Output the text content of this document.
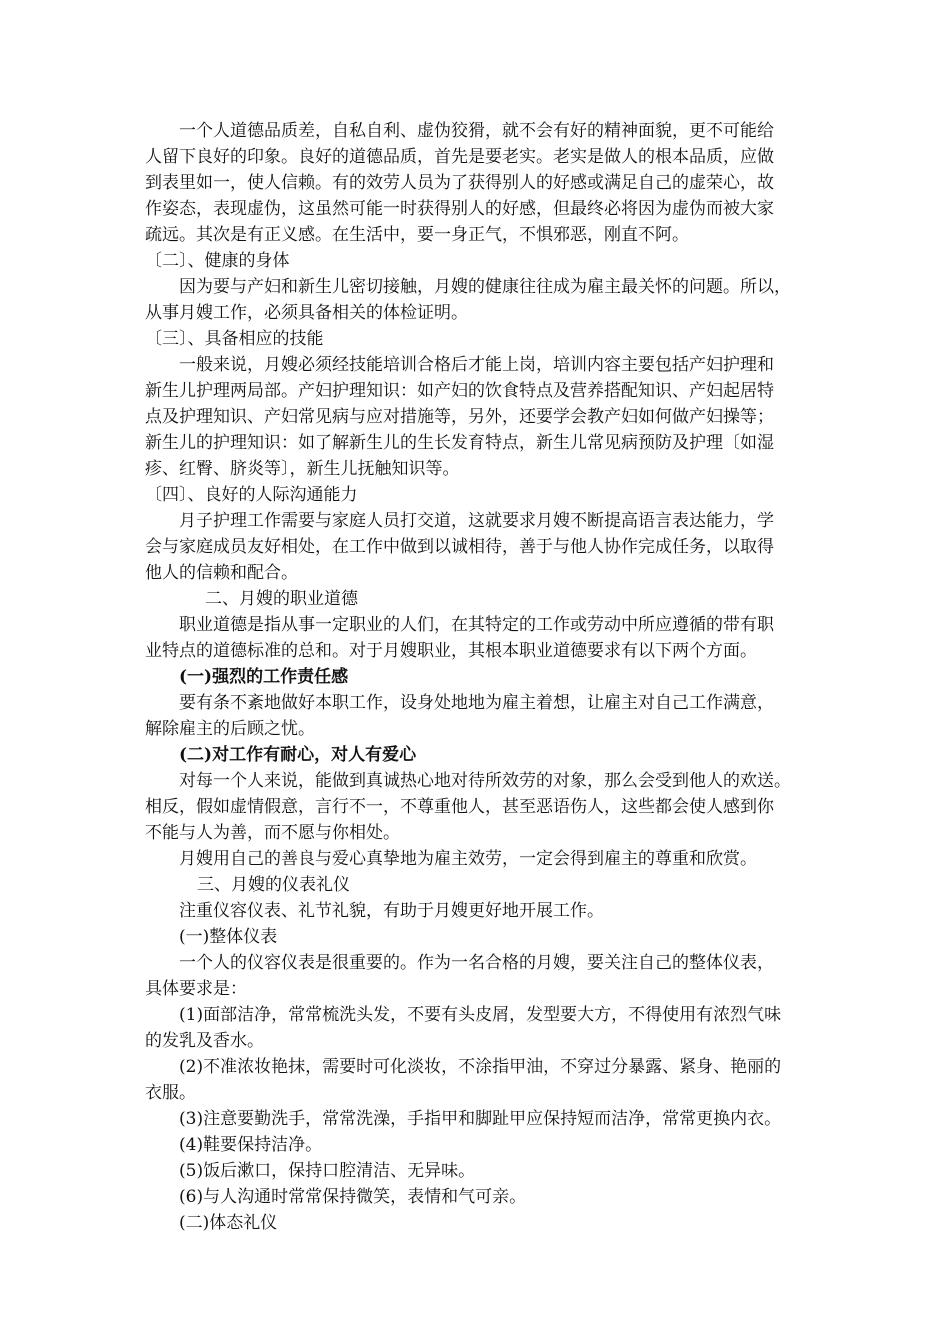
一个人道德品质差，自私自利、虚伪狡猾，就不会有好的精神面貌，更不可能给
人留下良好的印象。良好的道德品质，首先是要老实。老实是做人的根本品质，应做
到表里如一，使人信赖。有的效劳人员为了获得别人的好感或满足自己的虚荣心，故
作姿态，表现虚伪，这虽然可能一时获得别人的好感，但最终必将因为虚伪而被大家
疏远。其次是有正义感。在生活中，要一身正气，不惧邪恶，刚直不阿。
〔二〕、健康的身体
因为要与产妇和新生儿密切接触，月嫂的健康往往成为雇主最关怀的问题。所以，
从事月嫂工作，必须具备相关的体检证明。
〔三〕、具备相应的技能
一般来说，月嫂必须经技能培训合格后才能上岗，培训内容主要包括产妇护理和
新生儿护理两局部。产妇护理知识：如产妇的饮食特点及营养搭配知识、产妇起居特
点及护理知识、产妇常见病与应对措施等，另外，还要学会教产妇如何做产妇操等；
新生儿的护理知识：如了解新生儿的生长发育特点，新生儿常见病预防及护理〔如湿
疹、红臀、脐炎等〕，新生儿抚触知识等。
〔四〕、良好的人际沟通能力
月子护理工作需要与家庭人员打交道，这就要求月嫂不断提高语言表达能力，学
会与家庭成员友好相处，在工作中做到以诚相待，善于与他人协作完成任务，以取得
他人的信赖和配合。
二、月嫂的职业道德
职业道德是指从事一定职业的人们，在其特定的工作或劳动中所应遵循的带有职
业特点的道德标准的总和。对于月嫂职业，其根本职业道德要求有以下两个方面。
(一)强烈的工作责任感
要有条不紊地做好本职工作，设身处地地为雇主着想，让雇主对自己工作满意，
解除雇主的后顾之忧。
(二)对工作有耐心，对人有爱心
对每一个人来说，能做到真诚热心地对待所效劳的对象，那么会受到他人的欢送。
相反，假如虚情假意，言行不一，不尊重他人，甚至恶语伤人，这些都会使人感到你
不能与人为善，而不愿与你相处。
月嫂用自己的善良与爱心真挚地为雇主效劳，一定会得到雇主的尊重和欣赏。
三、月嫂的仪表礼仪
注重仪容仪表、礼节礼貌，有助于月嫂更好地开展工作。
(一)整体仪表
一个人的仪容仪表是很重要的。作为一名合格的月嫂，要关注自己的整体仪表，
具体要求是：
(1)面部洁净，常常梳洗头发，不要有头皮屑，发型要大方，不得使用有浓烈气味
的发乳及香水。
(2)不准浓妆艳抹，需要时可化淡妆，不涂指甲油，不穿过分暴露、紧身、艳丽的
衣服。
(3)注意要勤洗手，常常洗澡，手指甲和脚趾甲应保持短而洁净，常常更换内衣。
(4)鞋要保持洁净。
(5)饭后漱口，保持口腔清洁、无异味。
(6)与人沟通时常常保持微笑，表情和气可亲。
(二)体态礼仪
